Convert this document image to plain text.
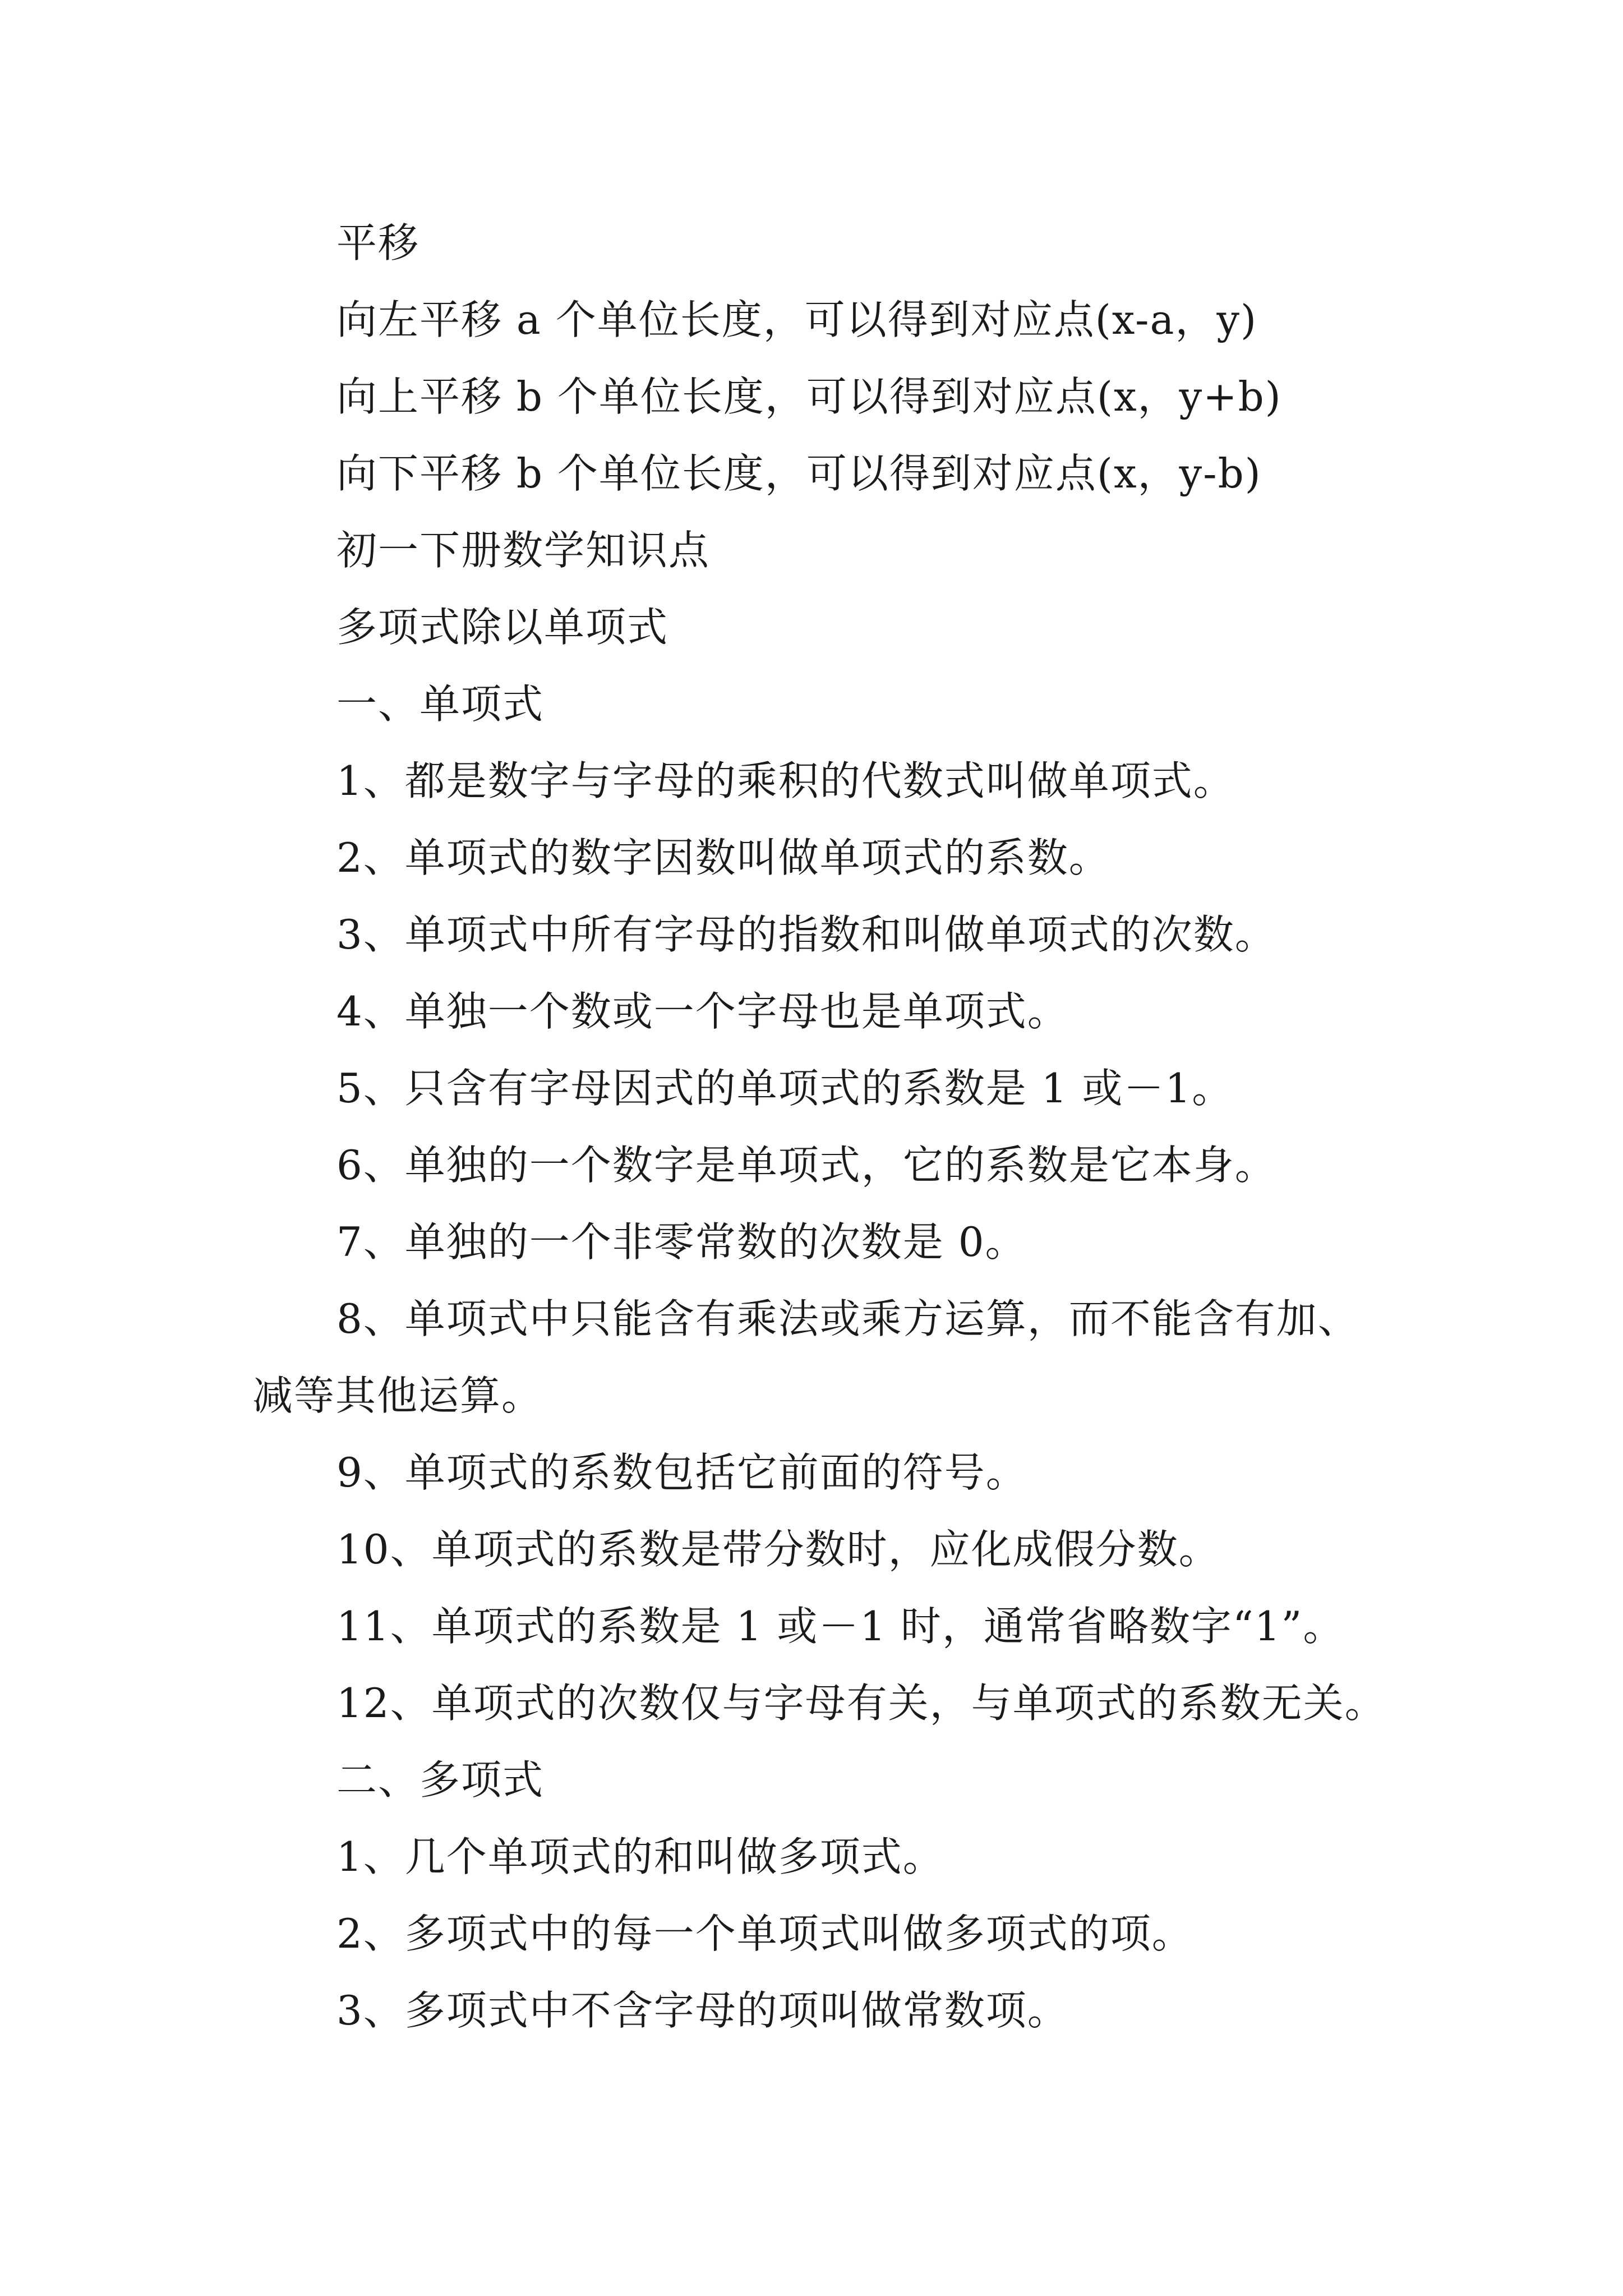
平移
向左平移 a 个单位长度，可以得到对应点(x-a，y)
向上平移 b 个单位长度，可以得到对应点(x，y+b)
向下平移 b 个单位长度，可以得到对应点(x，y-b)
初一下册数学知识点
多项式除以单项式
一、单项式
1、都是数字与字母的乘积的代数式叫做单项式。
2、单项式的数字因数叫做单项式的系数。
3、单项式中所有字母的指数和叫做单项式的次数。
4、单独一个数或一个字母也是单项式。
5、只含有字母因式的单项式的系数是 1 或－1。
6、单独的一个数字是单项式，它的系数是它本身。
7、单独的一个非零常数的次数是 0。
8、单项式中只能含有乘法或乘方运算，而不能含有加、
减等其他运算。
9、单项式的系数包括它前面的符号。
10、单项式的系数是带分数时，应化成假分数。
11、单项式的系数是 1 或－1 时，通常省略数字“1”。
12、单项式的次数仅与字母有关，与单项式的系数无关。
二、多项式
1、几个单项式的和叫做多项式。
2、多项式中的每一个单项式叫做多项式的项。
3、多项式中不含字母的项叫做常数项。
